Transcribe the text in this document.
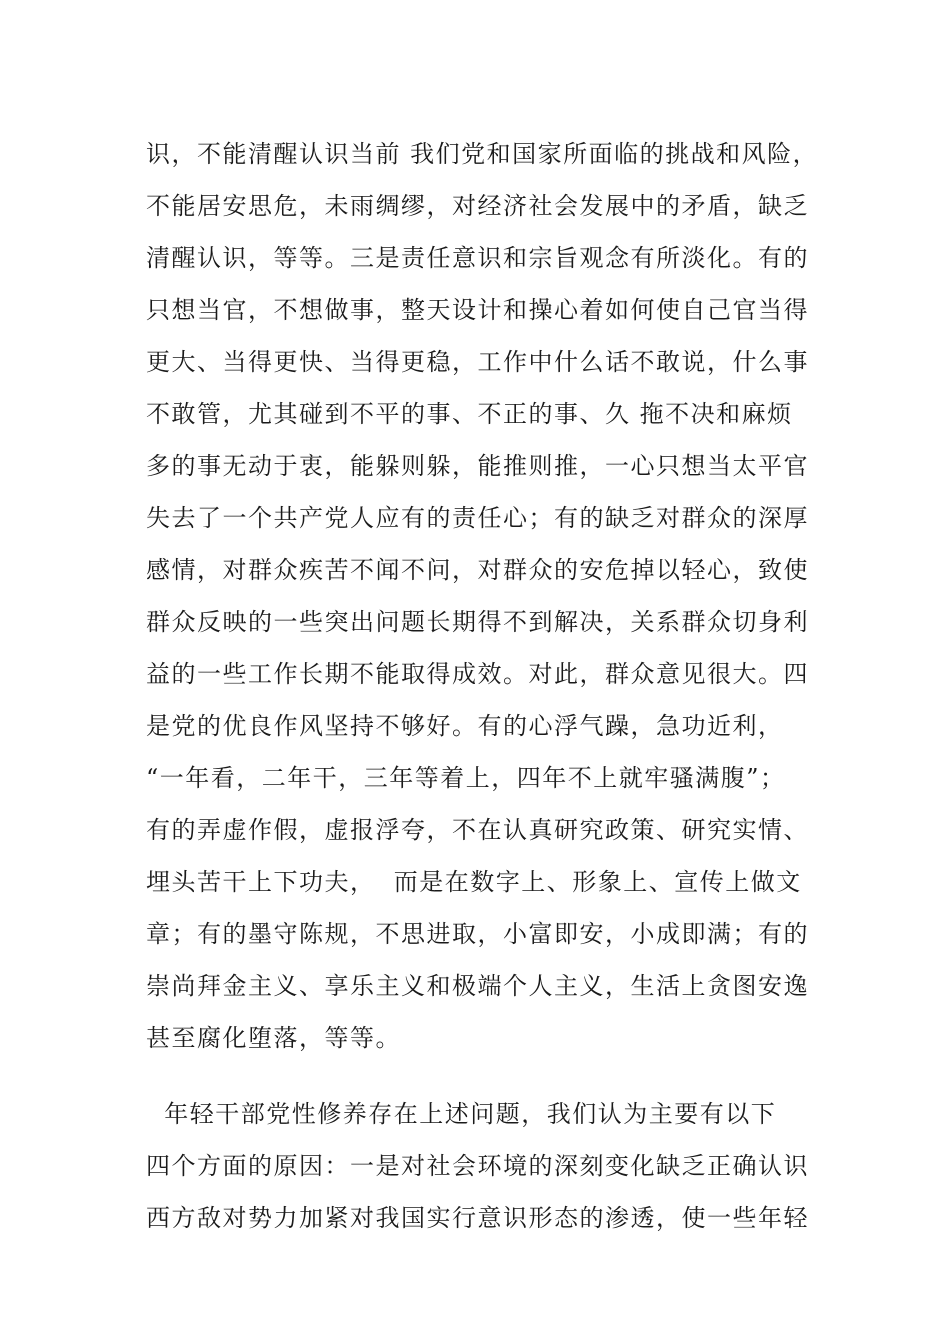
识，不能清醒认识当前 我们党和国家所面临的挑战和风险，
不能居安思危，未雨绸缪，对经济社会发展中的矛盾，缺乏
清醒认识，等等。三是责任意识和宗旨观念有所淡化。有的
只想当官，不想做事，整天设计和操心着如何使自己官当得
更大、当得更快、当得更稳，工作中什么话不敢说，什么事
不敢管，尤其碰到不平的事、不正的事、久 拖不决和麻烦
多的事无动于衷，能躲则躲，能推则推，一心只想当太平官
失去了一个共产党人应有的责任心；有的缺乏对群众的深厚
感情，对群众疾苦不闻不问，对群众的安危掉以轻心，致使
群众反映的一些突出问题长期得不到解决，关系群众切身利
益的一些工作长期不能取得成效。对此，群众意见很大。四
是党的优良作风坚持不够好。有的心浮气躁，急功近利，
“一年看，二年干，三年等着上，四年不上就牢骚满腹”；
有的弄虚作假，虚报浮夸，不在认真研究政策、研究实情、
埋头苦干上下功夫，  而是在数字上、形象上、宣传上做文
章；有的墨守陈规，不思进取，小富即安，小成即满；有的
崇尚拜金主义、享乐主义和极端个人主义，生活上贪图安逸
甚至腐化堕落，等等。
年轻干部党性修养存在上述问题，我们认为主要有以下
四个方面的原因：一是对社会环境的深刻变化缺乏正确认识
西方敌对势力加紧对我国实行意识形态的渗透，使一些年轻
